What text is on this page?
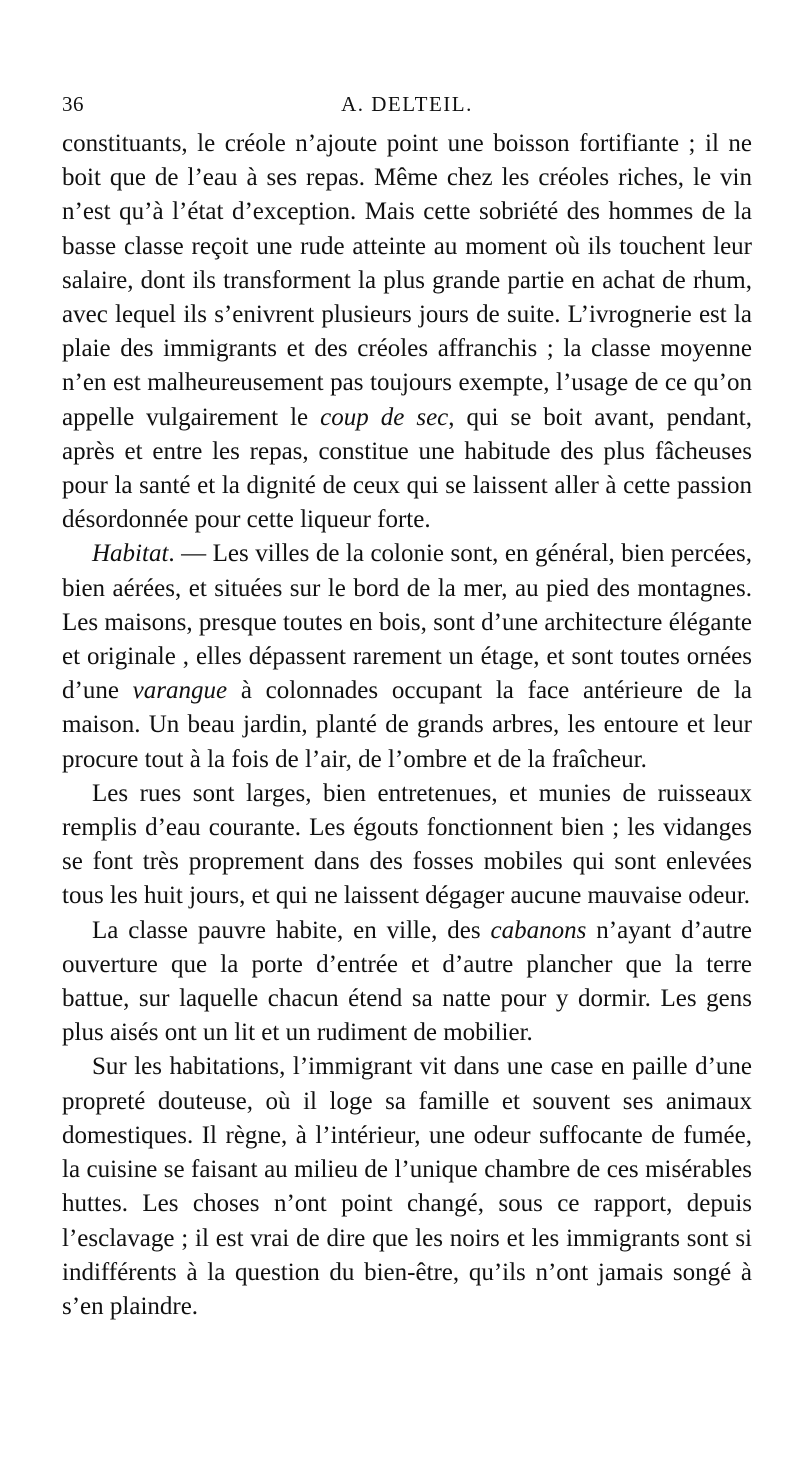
36	A. DELTEIL.

constituants, le créole n’ajoute point une boisson fortifiante ; il ne boit que de l’eau à ses repas. Même chez les créoles riches, le vin n’est qu’à l’état d’exception. Mais cette sobriété des hommes de la basse classe reçoit une rude atteinte au moment où ils touchent leur salaire, dont ils transforment la plus grande partie en achat de rhum, avec lequel ils s’enivrent plusieurs jours de suite. L’ivrognerie est la plaie des immigrants et des créoles affranchis ; la classe moyenne n’en est malheureusement pas toujours exempte, l’usage de ce qu’on appelle vulgairement le coup de sec, qui se boit avant, pendant, après et entre les repas, constitue une habitude des plus fâcheuses pour la santé et la dignité de ceux qui se laissent aller à cette passion désordonnée pour cette liqueur forte.

Habitat. — Les villes de la colonie sont, en général, bien percées, bien aérées, et situées sur le bord de la mer, au pied des montagnes. Les maisons, presque toutes en bois, sont d’une architecture élégante et originale , elles dépassent rarement un étage, et sont toutes ornées d’une varangue à colonnades occupant la face antérieure de la maison. Un beau jardin, planté de grands arbres, les entoure et leur procure tout à la fois de l’air, de l’ombre et de la fraîcheur.

Les rues sont larges, bien entretenues, et munies de ruisseaux remplis d’eau courante. Les égouts fonctionnent bien ; les vidanges se font très proprement dans des fosses mobiles qui sont enlevées tous les huit jours, et qui ne laissent dégager aucune mauvaise odeur.

La classe pauvre habite, en ville, des cabanons n’ayant d’autre ouverture que la porte d’entrée et d’autre plancher que la terre battue, sur laquelle chacun étend sa natte pour y dormir. Les gens plus aisés ont un lit et un rudiment de mobilier.

Sur les habitations, l’immigrant vit dans une case en paille d’une propreté douteuse, où il loge sa famille et souvent ses animaux domestiques. Il règne, à l’intérieur, une odeur suffocante de fumée, la cuisine se faisant au milieu de l’unique chambre de ces misérables huttes. Les choses n’ont point changé, sous ce rapport, depuis l’esclavage ; il est vrai de dire que les noirs et les immigrants sont si indifférents à la question du bien-être, qu’ils n’ont jamais songé à s’en plaindre.
